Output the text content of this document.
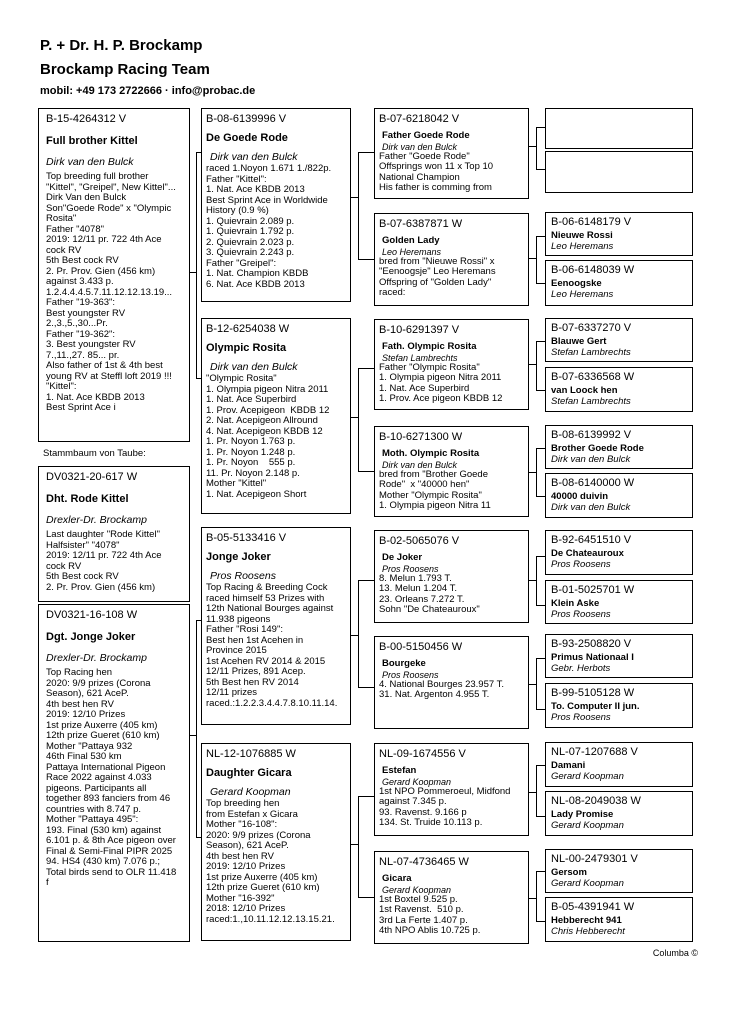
P. + Dr. H. P. Brockamp
Brockamp Racing Team
mobil: +49 173 2722666 · info@probac.de
B-15-4264312 V
Full brother Kittel
Dirk van den Bulck
Top breeding full brother
"Kittel", "Greipel", New Kittel"...
Dirk Van den Bulck
Son"Goede Rode" x "Olympic
Rosita"
Father "4078"
2019: 12/11 pr. 722 4th Ace
cock RV
5th Best cock RV
2. Pr. Prov. Gien (456 km)
against 3.433 p.
1.2.4.4.4.5.7.11.12.12.13.19...
Father "19-363":
Best youngster RV
2.,3.,5.,30...Pr.
Father "19-362":
3. Best youngster RV
7.,11.,27. 85... pr.
Also father of 1st & 4th best
young RV at Steffl loft 2019 !!!
"Kittel":
1. Nat. Ace KBDB 2013
Best Sprint Ace i
Stammbaum von Taube:
DV0321-20-617 W
Dht. Rode Kittel
Drexler-Dr. Brockamp
Last daughter "Rode Kittel"
Halfsister" "4078"
2019: 12/11 pr. 722 4th Ace
cock RV
5th Best cock RV
2. Pr. Prov. Gien (456 km)
DV0321-16-108 W
Dgt. Jonge Joker
Drexler-Dr. Brockamp
Top Racing hen
2020: 9/9 prizes (Corona
Season), 621 AceP.
4th best hen RV
2019: 12/10 Prizes
1st prize Auxerre (405 km)
12th prize Gueret (610 km)
Mother "Pattaya 932
46th Final 530 km
Pattaya International Pigeon
Race 2022 against 4.033
pigeons. Participants all
together 893 fanciers from 46
countries with 8.747 p.
Mother "Pattaya 495":
193. Final (530 km) against
6.101 p. & 8th Ace pigeon over
Final & Semi-Final PIPR 2025
94. HS4 (430 km) 7.076 p.;
Total birds send to OLR 11.418
f
B-08-6139996 V
De Goede Rode
Dirk van den Bulck
raced 1.Noyon 1.671 1./822p.
Father "Kittel":
1. Nat. Ace KBDB 2013
Best Sprint Ace in Worldwide
History (0.9 %)
1. Quievrain 2.089 p.
1. Quievrain 1.792 p.
2. Quievrain 2.023 p.
3. Quievrain 2.243 p.
Father "Greipel":
1. Nat. Champion KBDB
6. Nat. Ace KBDB 2013
B-12-6254038 W
Olympic Rosita
Dirk van den Bulck
"Olympic Rosita"
1. Olympia pigeon Nitra 2011
1. Nat. Ace Superbird
1. Prov. Acepigeon  KBDB 12
2. Nat. Acepigeon Allround
4. Nat. Acepigeon KBDB 12
1. Pr. Noyon 1.763 p.
1. Pr. Noyon 1.248 p.
1. Pr. Noyon    555 p.
11. Pr. Noyon 2.148 p.
Mother "Kittel"
1. Nat. Acepigeon Short
B-05-5133416 V
Jonge Joker
Pros Roosens
Top Racing & Breeding Cock
raced himself 53 Prizes with
12th National Bourges against
11.938 pigeons
Father "Rosi 149":
Best hen 1st Acehen in
Province 2015
1st Acehen RV 2014 & 2015
12/11 Prizes, 891 Acep.
5th Best hen RV 2014
12/11 prizes
raced.:1.2.2.3.4.4.7.8.10.11.14.
NL-12-1076885 W
Daughter Gicara
Gerard Koopman
Top breeding hen
from Estefan x Gicara
Mother "16-108":
2020: 9/9 prizes (Corona
Season), 621 AceP.
4th best hen RV
2019: 12/10 Prizes
1st prize Auxerre (405 km)
12th prize Gueret (610 km)
Mother "16-392"
2018: 12/10 Prizes
raced:1.,10.11.12.12.13.15.21.
B-07-6218042 V
Father Goede Rode
Dirk van den Bulck
Father "Goede Rode"
Offsprings won 11 x Top 10
National Champion
His father is comming from
B-07-6387871 W
Golden Lady
Leo Heremans
bred from "Nieuwe Rossi" x
"Eenoogsje" Leo Heremans
Offspring of "Golden Lady"
raced:
B-10-6291397 V
Fath. Olympic Rosita
Stefan Lambrechts
Father "Olympic Rosita"
1. Olympia pigeon Nitra 2011
1. Nat. Ace Superbird
1. Prov. Ace pigeon KBDB 12
B-10-6271300 W
Moth. Olympic Rosita
Dirk van den Bulck
bred from "Brother Goede
Rode"  x "40000 hen"
Mother "Olympic Rosita"
1. Olympia pigeon Nitra 11
B-02-5065076 V
De Joker
Pros Roosens
8. Melun 1.793 T.
13. Melun 1.204 T.
23. Orleans 7.272 T.
Sohn "De Chateauroux"
B-00-5150456 W
Bourgeke
Pros Roosens
4. National Bourges 23.957 T.
31. Nat. Argenton 4.955 T.
NL-09-1674556 V
Estefan
Gerard Koopman
1st NPO Pommeroeul, Midfond
against 7.345 p.
93. Ravenst. 9.166 p
134. St. Truide 10.113 p.
NL-07-4736465 W
Gicara
Gerard Koopman
1st Boxtel 9.525 p.
1st Ravenst.  510 p.
3rd La Ferte 1.407 p.
4th NPO Ablis 10.725 p.
B-06-6148179 V
Nieuwe Rossi
Leo Heremans
B-06-6148039 W
Eenoogske
Leo Heremans
B-07-6337270 V
Blauwe Gert
Stefan Lambrechts
B-07-6336568 W
van Loock hen
Stefan Lambrechts
B-08-6139992 V
Brother Goede Rode
Dirk van den Bulck
B-08-6140000 W
40000 duivin
Dirk van den Bulck
B-92-6451510 V
De Chateauroux
Pros Roosens
B-01-5025701 W
Klein Aske
Pros Roosens
B-93-2508820 V
Primus Nationaal I
Gebr. Herbots
B-99-5105128 W
To. Computer II jun.
Pros Roosens
NL-07-1207688 V
Damani
Gerard Koopman
NL-08-2049038 W
Lady Promise
Gerard Koopman
NL-00-2479301 V
Gersom
Gerard Koopman
B-05-4391941 W
Hebberecht 941
Chris Hebberecht
Columba ©
